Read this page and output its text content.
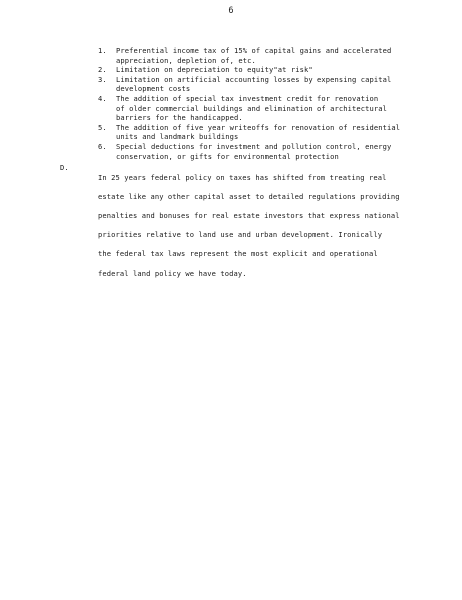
6
1. Preferential income tax of 15% of capital gains and accelerated
appreciation, depletion of, etc.
2. Limitation on depreciation to equity"at risk"
3. Limitation on artificial accounting losses by expensing capital
development costs
4. The addition of special tax investment credit for renovation
of older commercial buildings and elimination of architectural
barriers for the handicapped.
5. The addition of five year writeoffs for renovation of residential
units and landmark buildings
6. Special deductions for investment and pollution control, energy
conservation, or gifts for environmental protection
D.

In 25 years federal policy on taxes has shifted from treating real

estate like any other capital asset to detailed regulations providing

penalties and bonuses for real estate investors that express national

priorities relative to land use and urban development. Ironically

the federal tax laws represent the most explicit and operational

federal land policy we have today.
